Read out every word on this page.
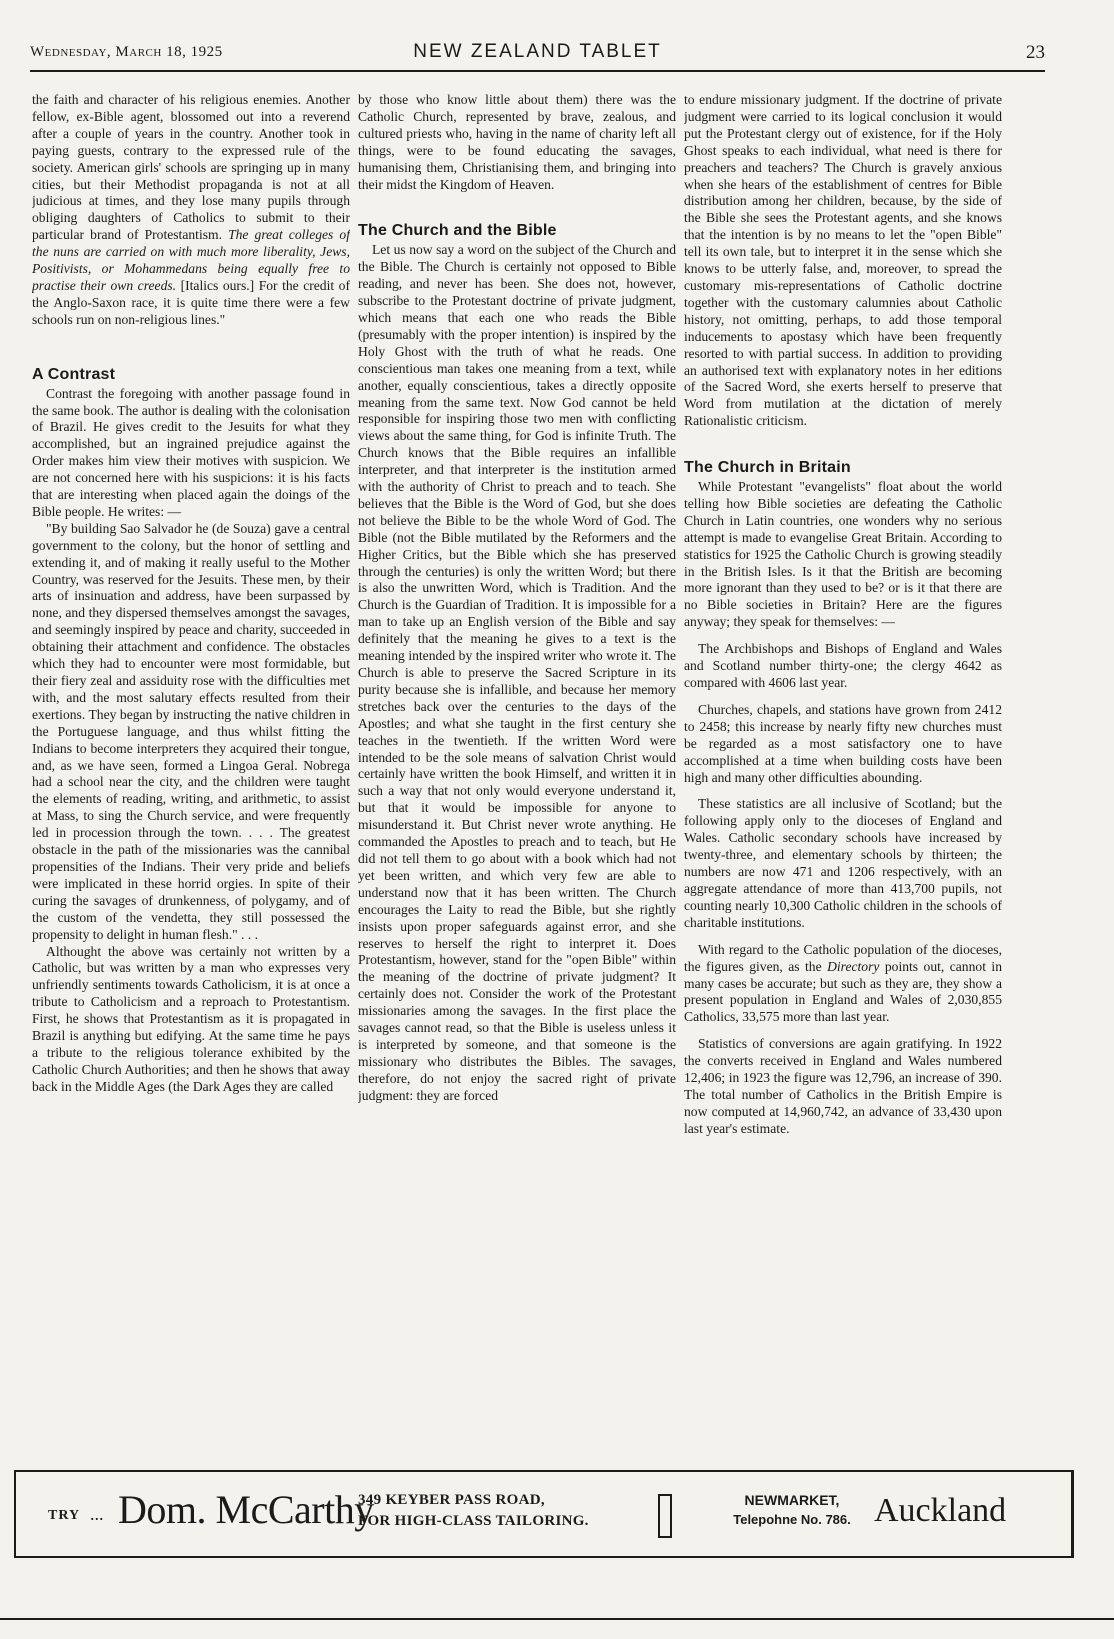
Wednesday, March 18, 1925	NEW ZEALAND TABLET	23

the faith and character of his religious enemies. Another fellow, ex-Bible agent, blossomed out into a reverend after a couple of years in the country. Another took in paying guests, contrary to the expressed rule of the society. American girls' schools are springing up in many cities, but their Methodist propaganda is not at all judicious at times, and they lose many pupils through obliging daughters of Catholics to submit to their particular brand of Protestantism. The great colleges of the nuns are carried on with much more liberality, Jews, Positivists, or Mohammedans being equally free to practise their own creeds. [Italics ours.] For the credit of the Anglo-Saxon race, it is quite time there were a few schools run on non-religious lines."

A Contrast

Contrast the foregoing with another passage found in the same book. The author is dealing with the colonisation of Brazil. He gives credit to the Jesuits for what they accomplished, but an ingrained prejudice against the Order makes him view their motives with suspicion. We are not concerned here with his suspicions: it is his facts that are interesting when placed again the doings of the Bible people. He writes: —

"By building Sao Salvador he (de Souza) gave a central government to the colony, but the honor of settling and extending it, and of making it really useful to the Mother Country, was reserved for the Jesuits. These men, by their arts of insinuation and address, have been surpassed by none, and they dispersed themselves amongst the savages, and seemingly inspired by peace and charity, succeeded in obtaining their attachment and confidence. The obstacles which they had to encounter were most formidable, but their fiery zeal and assiduity rose with the difficulties met with, and the most salutary effects resulted from their exertions. They began by instructing the native children in the Portuguese language, and thus whilst fitting the Indians to become interpreters they acquired their tongue, and, as we have seen, formed a Lingoa Geral. Nobrega had a school near the city, and the children were taught the elements of reading, writing, and arithmetic, to assist at Mass, to sing the Church service, and were frequently led in procession through the town. . . . The greatest obstacle in the path of the missionaries was the cannibal propensities of the Indians. Their very pride and beliefs were implicated in these horrid orgies. In spite of their curing the savages of drunkenness, of polygamy, and of the custom of the vendetta, they still possessed the propensity to delight in human flesh." . . .

Althought the above was certainly not written by a Catholic, but was written by a man who expresses very unfriendly sentiments towards Catholicism, it is at once a tribute to Catholicism and a reproach to Protestantism. First, he shows that Protestantism as it is propagated in Brazil is anything but edifying. At the same time he pays a tribute to the religious tolerance exhibited by the Catholic Church Authorities; and then he shows that away back in the Middle Ages (the Dark Ages they are called

by those who know little about them) there was the Catholic Church, represented by brave, zealous, and cultured priests who, having in the name of charity left all things, were to be found educating the savages, humanising them, Christianising them, and bringing into their midst the Kingdom of Heaven.

The Church and the Bible

Let us now say a word on the subject of the Church and the Bible. The Church is certainly not opposed to Bible reading, and never has been. She does not, however, subscribe to the Protestant doctrine of private judgment, which means that each one who reads the Bible (presumably with the proper intention) is inspired by the Holy Ghost with the truth of what he reads. One conscientious man takes one meaning from a text, while another, equally conscientious, takes a directly opposite meaning from the same text. Now God cannot be held responsible for inspiring those two men with conflicting views about the same thing, for God is infinite Truth. The Church knows that the Bible requires an infallible interpreter, and that interpreter is the institution armed with the authority of Christ to preach and to teach. She believes that the Bible is the Word of God, but she does not believe the Bible to be the whole Word of God. The Bible (not the Bible mutilated by the Reformers and the Higher Critics, but the Bible which she has preserved through the centuries) is only the written Word; but there is also the unwritten Word, which is Tradition. And the Church is the Guardian of Tradition. It is impossible for a man to take up an English version of the Bible and say definitely that the meaning he gives to a text is the meaning intended by the inspired writer who wrote it. The Church is able to preserve the Sacred Scripture in its purity because she is infallible, and because her memory stretches back over the centuries to the days of the Apostles; and what she taught in the first century she teaches in the twentieth. If the written Word were intended to be the sole means of salvation Christ would certainly have written the book Himself, and written it in such a way that not only would everyone understand it, but that it would be impossible for anyone to misunderstand it. But Christ never wrote anything. He commanded the Apostles to preach and to teach, but He did not tell them to go about with a book which had not yet been written, and which very few are able to understand now that it has been written. The Church encourages the Laity to read the Bible, but she rightly insists upon proper safeguards against error, and she reserves to herself the right to interpret it. Does Protestantism, however, stand for the "open Bible" within the meaning of the doctrine of private judgment? It certainly does not. Consider the work of the Protestant missionaries among the savages. In the first place the savages cannot read, so that the Bible is useless unless it is interpreted by someone, and that someone is the missionary who distributes the Bibles. The savages, therefore, do not enjoy the sacred right of private judgment: they are forced

to endure missionary judgment. If the doctrine of private judgment were carried to its logical conclusion it would put the Protestant clergy out of existence, for if the Holy Ghost speaks to each individual, what need is there for preachers and teachers? The Church is gravely anxious when she hears of the establishment of centres for Bible distribution among her children, because, by the side of the Bible she sees the Protestant agents, and she knows that the intention is by no means to let the "open Bible" tell its own tale, but to interpret it in the sense which she knows to be utterly false, and, moreover, to spread the customary mis-representations of Catholic doctrine together with the customary calumnies about Catholic history, not omitting, perhaps, to add those temporal inducements to apostasy which have been frequently resorted to with partial success. In addition to providing an authorised text with explanatory notes in her editions of the Sacred Word, she exerts herself to preserve that Word from mutilation at the dictation of merely Rationalistic criticism.

The Church in Britain

While Protestant "evangelists" float about the world telling how Bible societies are defeating the Catholic Church in Latin countries, one wonders why no serious attempt is made to evangelise Great Britain. According to statistics for 1925 the Catholic Church is growing steadily in the British Isles. Is it that the British are becoming more ignorant than they used to be? or is it that there are no Bible societies in Britain? Here are the figures anyway; they speak for themselves: —

The Archbishops and Bishops of England and Wales and Scotland number thirty-one; the clergy 4642 as compared with 4606 last year.

Churches, chapels, and stations have grown from 2412 to 2458; this increase by nearly fifty new churches must be regarded as a most satisfactory one to have accomplished at a time when building costs have been high and many other difficulties abounding.

These statistics are all inclusive of Scotland; but the following apply only to the dioceses of England and Wales. Catholic secondary schools have increased by twenty-three, and elementary schools by thirteen; the numbers are now 471 and 1206 respectively, with an aggregate attendance of more than 413,700 pupils, not counting nearly 10,300 Catholic children in the schools of charitable institutions.

With regard to the Catholic population of the dioceses, the figures given, as the Directory points out, cannot in many cases be accurate; but such as they are, they show a present population in England and Wales of 2,030,855 Catholics, 33,575 more than last year.

Statistics of conversions are again gratifying. In 1922 the converts received in England and Wales numbered 12,406; in 1923 the figure was 12,796, an increase of 390. The total number of Catholics in the British Empire is now computed at 14,960,742, an advance of 33,430 upon last year's estimate.

TRY ... Dom. McCarthy
349 KEYBER PASS ROAD,
FOR HIGH-CLASS TAILORING.
NEWMARKET,
Telepohne No. 786. Auckland
